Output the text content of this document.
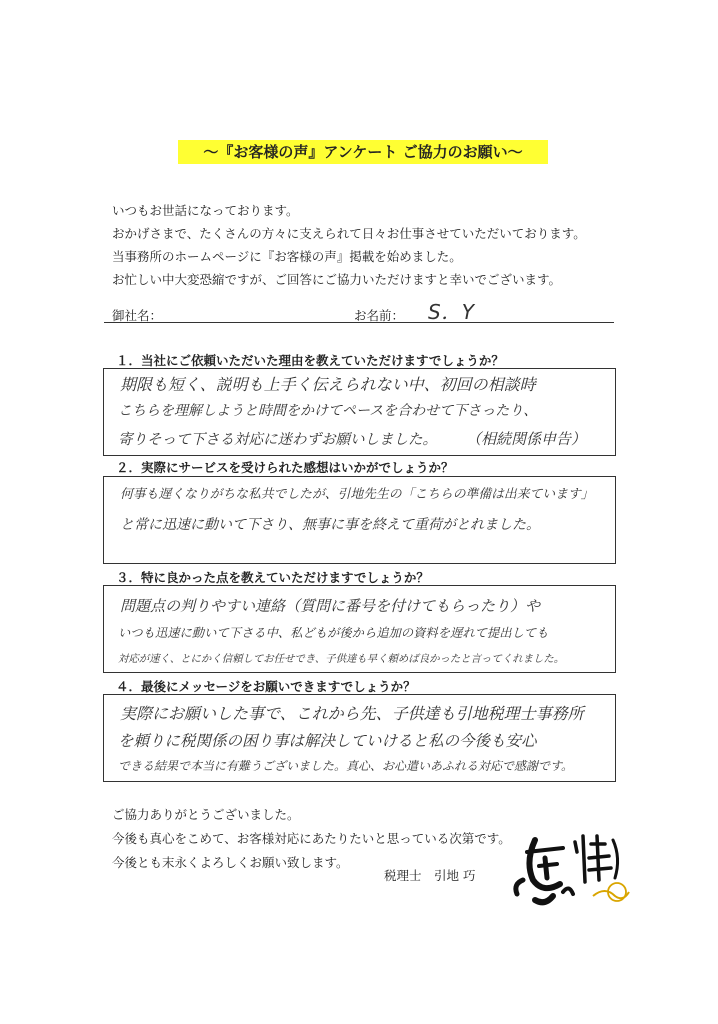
〜『お客様の声』アンケート ご協力のお願い〜
いつもお世話になっております。
おかげさまで、たくさんの方々に支えられて日々お仕事させていただいております。
当事務所のホームページに『お客様の声』掲載を始めました。
お忙しい中大変恐縮ですが、ご回答にご協力いただけますと幸いでございます。
御社名：	お名前： S．Y
１．当社にご依頼いただいた理由を教えていただけますでしょうか？
期限も短く、説明も上手く伝えられない中、初回の相談時
こちらを理解しようと時間をかけてペースを合わせて下さったり、
寄りそって下さる対応に迷わずお願いしました。 （相続関係申告）
２．実際にサービスを受けられた感想はいかがでしょうか？
何事も遅くなりがちな私共でしたが、引地先生の「こちらの準備は出来ています」
と常に迅速に動いて下さり、無事に事を終えて重荷がとれました。
３．特に良かった点を教えていただけますでしょうか？
問題点の判りやすい連絡（質問に番号を付けてもらったり）や
いつも迅速に動いて下さる中、私どもが後から追加の資料を遅れて提出しても
対応が速く、とにかく信頼してお任せでき、子供達も早く頼めば良かったと言ってくれました。
４．最後にメッセージをお願いできますでしょうか？
実際にお願いした事で、これから先、子供達も引地税理士事務所
を頼りに税関係の困り事は解決していけると私の今後も安心
できる結果で本当に有難うございました。真心、お心遣いあふれる対応で感謝です。
ご協力ありがとうございました。
今後も真心をこめて、お客様対応にあたりたいと思っている次第です。
今後とも末永くよろしくお願い致します。
税理士　引地 巧
